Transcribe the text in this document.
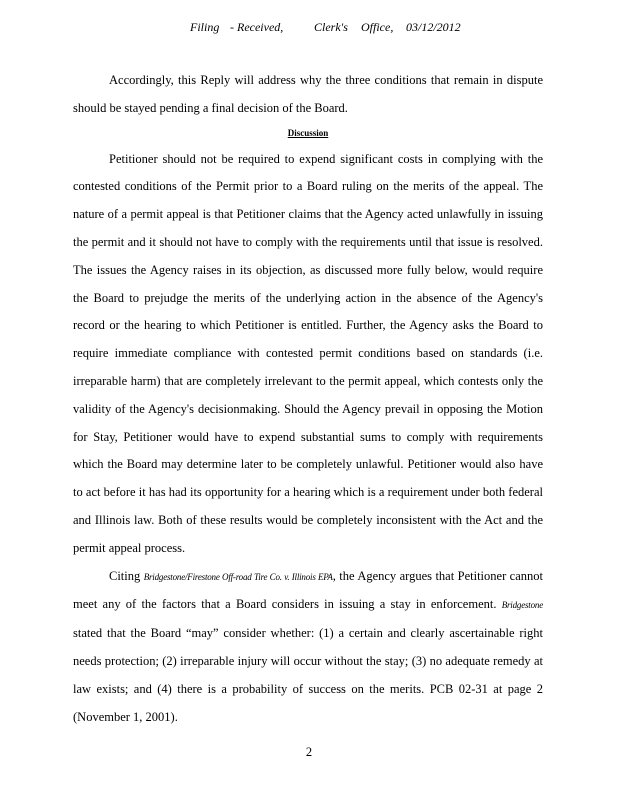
Filing - Received,	Clerk's Office, 03/12/2012

Accordingly, this Reply will address why the three conditions that remain in dispute should be stayed pending a final decision of the Board.

Discussion

Petitioner should not be required to expend significant costs in complying with the contested conditions of the Permit prior to a Board ruling on the merits of the appeal. The nature of a permit appeal is that Petitioner claims that the Agency acted unlawfully in issuing the permit and it should not have to comply with the requirements until that issue is resolved. The issues the Agency raises in its objection, as discussed more fully below, would require the Board to prejudge the merits of the underlying action in the absence of the Agency's record or the hearing to which Petitioner is entitled. Further, the Agency asks the Board to require immediate compliance with contested permit conditions based on standards (i.e. irreparable harm) that are completely irrelevant to the permit appeal, which contests only the validity of the Agency's decisionmaking. Should the Agency prevail in opposing the Motion for Stay, Petitioner would have to expend substantial sums to comply with requirements which the Board may determine later to be completely unlawful. Petitioner would also have to act before it has had its opportunity for a hearing which is a requirement under both federal and Illinois law. Both of these results would be completely inconsistent with the Act and the permit appeal process.

Citing Bridgestone/Firestone Off-road Tire Co. v. Illinois EPA, the Agency argues that Petitioner cannot meet any of the factors that a Board considers in issuing a stay in enforcement. Bridgestone stated that the Board “may” consider whether: (1) a certain and clearly ascertainable right needs protection; (2) irreparable injury will occur without the stay; (3) no adequate remedy at law exists; and (4) there is a probability of success on the merits. PCB 02-31 at page 2 (November 1, 2001).

2
